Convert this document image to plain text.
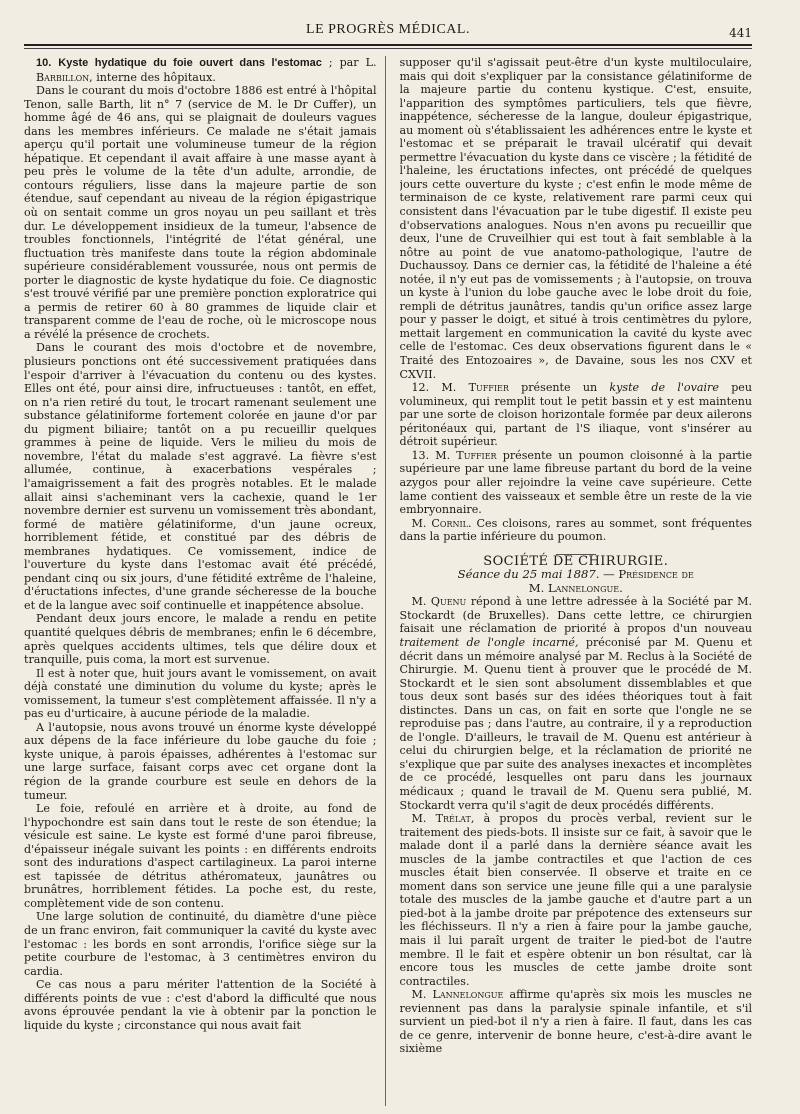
LE PROGRÈS MÉDICAL.	441

10. Kyste hydatique du foie ouvert dans l'estomac ; par L. Barbillon, interne des hôpitaux.

Dans le courant du mois d'octobre 1886 est entré à l'hôpital Tenon, salle Barth, lit n° 7 (service de M. le Dr Cuffer), un homme âgé de 46 ans, qui se plaignait de douleurs vagues dans les membres inférieurs. Ce malade ne s'était jamais aperçu qu'il portait une volumineuse tumeur de la région hépatique. Et cependant il avait affaire à une masse ayant à peu près le volume de la tête d'un adulte, arrondie, de contours réguliers, lisse dans la majeure partie de son étendue, sauf cependant au niveau de la région épigastrique où on sentait comme un gros noyau un peu saillant et très dur. Le développement insidieux de la tumeur, l'absence de troubles fonctionnels, l'intégrité de l'état général, une fluctuation très manifeste dans toute la région abdominale supérieure considérablement voussurée, nous ont permis de porter le diagnostic de kyste hydatique du foie. Ce diagnostic s'est trouvé vérifié par une première ponction exploratrice qui a permis de retirer 60 à 80 grammes de liquide clair et transparent comme de l'eau de roche, où le microscope nous a révélé la présence de crochets.

Dans le courant des mois d'octobre et de novembre, plusieurs ponctions ont été successivement pratiquées dans l'espoir d'arriver à l'évacuation du contenu ou des kystes. Elles ont été, pour ainsi dire, infructueuses : tantôt, en effet, on n'a rien retiré du tout, le trocart ramenant seulement une substance gélatiniforme fortement colorée en jaune d'or par du pigment biliaire; tantôt on a pu recueillir quelques grammes à peine de liquide. Vers le milieu du mois de novembre, l'état du malade s'est aggravé. La fièvre s'est allumée, continue, à exacerbations vespérales ; l'amaigrissement a fait des progrès notables. Et le malade allait ainsi s'acheminant vers la cachexie, quand le 1er novembre dernier est survenu un vomissement très abondant, formé de matière gélatiniforme, d'un jaune ocreux, horriblement fétide, et constitué par des débris de membranes hydatiques. Ce vomissement, indice de l'ouverture du kyste dans l'estomac avait été précédé, pendant cinq ou six jours, d'une fétidité extrême de l'haleine, d'éructations infectes, d'une grande sécheresse de la bouche et de la langue avec soif continuelle et inappétence absolue.

Pendant deux jours encore, le malade a rendu en petite quantité quelques débris de membranes; enfin le 6 décembre, après quelques accidents ultimes, tels que délire doux et tranquille, puis coma, la mort est survenue.

Il est à noter que, huit jours avant le vomissement, on avait déjà constaté une diminution du volume du kyste; après le vomissement, la tumeur s'est complètement affaissée. Il n'y a pas eu d'urticaire, à aucune période de la maladie.

A l'autopsie, nous avons trouvé un énorme kyste développé aux dépens de la face inférieure du lobe gauche du foie ; kyste unique, à parois épaisses, adhérentes à l'estomac sur une large surface, faisant corps avec cet organe dont la région de la grande courbure est seule en dehors de la tumeur.

Le foie, refoulé en arrière et à droite, au fond de l'hypochondre est sain dans tout le reste de son étendue; la vésicule est saine. Le kyste est formé d'une paroi fibreuse, d'épaisseur inégale suivant les points : en différents endroits sont des indurations d'aspect cartilagineux. La paroi interne est tapissée de détritus athéromateux, jaunâtres ou brunâtres, horriblement fétides. La poche est, du reste, complètement vide de son contenu.

Une large solution de continuité, du diamètre d'une pièce de un franc environ, fait communiquer la cavité du kyste avec l'estomac : les bords en sont arrondis, l'orifice siège sur la petite courbure de l'estomac, à 3 centimètres environ du cardia.

Ce cas nous a paru mériter l'attention de la Société à différents points de vue : c'est d'abord la difficulté que nous avons éprouvée pendant la vie à obtenir par la ponction le liquide du kyste ; circonstance qui nous avait fait

supposer qu'il s'agissait peut-être d'un kyste multiloculaire, mais qui doit s'expliquer par la consistance gélatiniforme de la majeure partie du contenu kystique. C'est, ensuite, l'apparition des symptômes particuliers, tels que fièvre, inappétence, sécheresse de la langue, douleur épigastrique, au moment où s'établissaient les adhérences entre le kyste et l'estomac et se préparait le travail ulcératif qui devait permettre l'évacuation du kyste dans ce viscère ; la fétidité de l'haleine, les éructations infectes, ont précédé de quelques jours cette ouverture du kyste ; c'est enfin le mode même de terminaison de ce kyste, relativement rare parmi ceux qui consistent dans l'évacuation par le tube digestif. Il existe peu d'observations analogues. Nous n'en avons pu recueillir que deux, l'une de Cruveilhier qui est tout à fait semblable à la nôtre au point de vue anatomo-pathologique, l'autre de Duchaussoy. Dans ce dernier cas, la fétidité de l'haleine a été notée, il n'y eut pas de vomissements ; à l'autopsie, on trouva un kyste à l'union du lobe gauche avec le lobe droit du foie, rempli de détritus jaunâtres, tandis qu'un orifice assez large pour y passer le doigt, et situé à trois centimètres du pylore, mettait largement en communication la cavité du kyste avec celle de l'estomac. Ces deux observations figurent dans le « Traité des Entozoaires », de Davaine, sous les nos CXV et CXVII.

12. M. Tuffier présente un kyste de l'ovaire peu volumineux, qui remplit tout le petit bassin et y est maintenu par une sorte de cloison horizontale formée par deux ailerons péritonéaux qui, partant de l'S iliaque, vont s'insérer au détroit supérieur.

13. M. Tuffier présente un poumon cloisonné à la partie supérieure par une lame fibreuse partant du bord de la veine azygos pour aller rejoindre la veine cave supérieure. Cette lame contient des vaisseaux et semble être un reste de la vie embryonnaire.

M. Cornil. Ces cloisons, rares au sommet, sont fréquentes dans la partie inférieure du poumon.

SOCIÉTÉ DE CHIRURGIE.

Séance du 25 mai 1887. — Présidence de
M. Lannelongue.

M. Quenu répond à une lettre adressée à la Société par M. Stockardt (de Bruxelles). Dans cette lettre, ce chirurgien faisait une réclamation de priorité à propos d'un nouveau traitement de l'ongle incarné, préconisé par M. Quenu et décrit dans un mémoire analysé par M. Reclus à la Société de Chirurgie. M. Quenu tient à prouver que le procédé de M. Stockardt et le sien sont absolument dissemblables et que tous deux sont basés sur des idées théoriques tout à fait distinctes. Dans un cas, on fait en sorte que l'ongle ne se reproduise pas ; dans l'autre, au contraire, il y a reproduction de l'ongle. D'ailleurs, le travail de M. Quenu est antérieur à celui du chirurgien belge, et la réclamation de priorité ne s'explique que par suite des analyses inexactes et incomplètes de ce procédé, lesquelles ont paru dans les journaux médicaux ; quand le travail de M. Quenu sera publié, M. Stockardt verra qu'il s'agit de deux procédés différents.

M. Trélat, à propos du procès verbal, revient sur le traitement des pieds-bots. Il insiste sur ce fait, à savoir que le malade dont il a parlé dans la dernière séance avait les muscles de la jambe contractiles et que l'action de ces muscles était bien conservée. Il observe et traite en ce moment dans son service une jeune fille qui a une paralysie totale des muscles de la jambe gauche et d'autre part a un pied-bot à la jambe droite par prépotence des extenseurs sur les fléchisseurs. Il n'y a rien à faire pour la jambe gauche, mais il lui paraît urgent de traiter le pied-bot de l'autre membre. Il le fait et espère obtenir un bon résultat, car là encore tous les muscles de cette jambe droite sont contractiles.

M. Lannelongue affirme qu'après six mois les muscles ne reviennent pas dans la paralysie spinale infantile, et s'il survient un pied-bot il n'y a rien à faire. Il faut, dans les cas de ce genre, intervenir de bonne heure, c'est-à-dire avant le sixième
